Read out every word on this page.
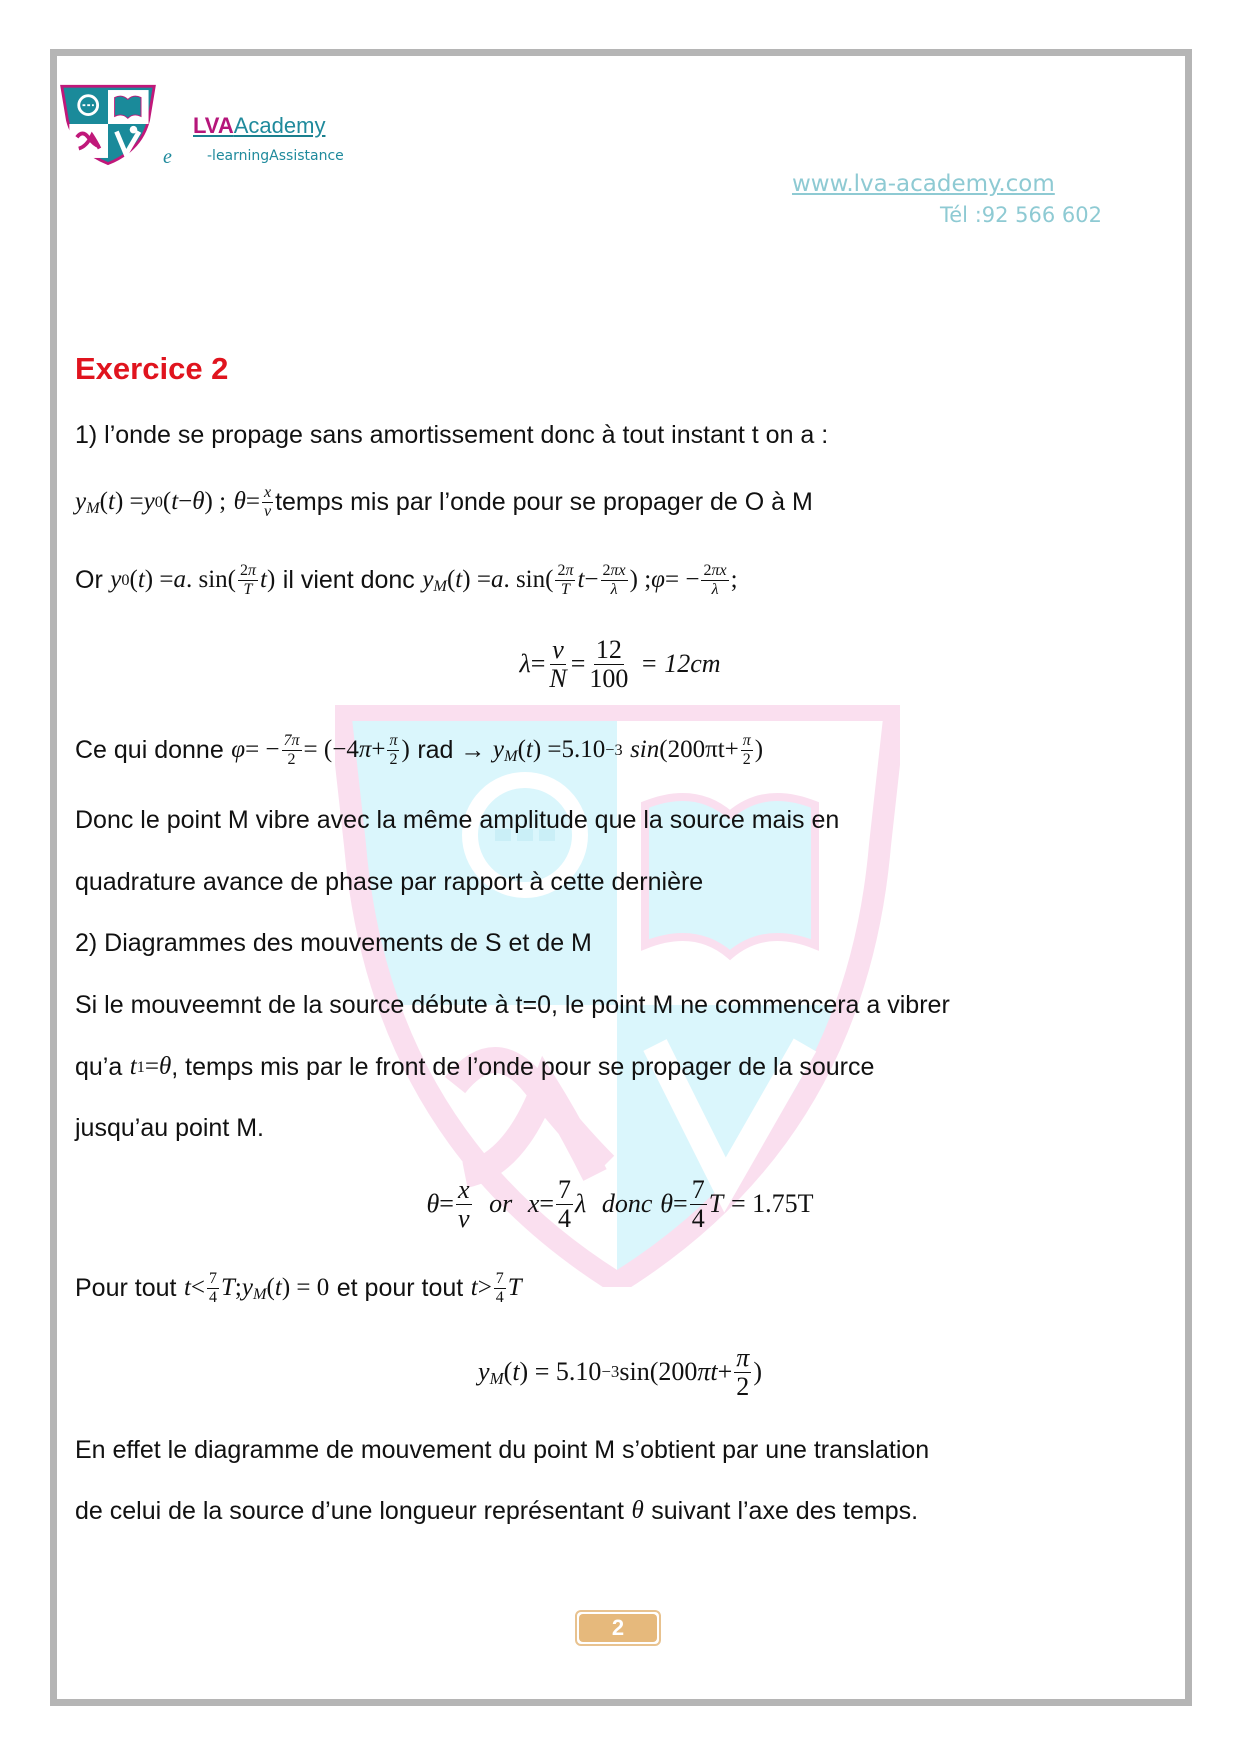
e
LVAAcademy
-learningAssistance
www.lva-academy.com
Tél :92 566 602
Exercice 2
1) l’onde se propage sans amortissement donc à tout instant t on a :
$y_M$ ( t ) = y 0 ( t − θ ) ; $\theta = \frac{x}{v}$ temps mis par l’onde pour se propager de O à M
Or y 0 ( t ) = a . $\sin( \frac{2\pi}{T}$ t ) il vient donc $y_M$ ( t ) = a . $\sin( \frac{2\pi}{T}$ $t - \frac{2\pi x}{\lambda}$ ) ; φ = − $\frac{2\pi x}{\lambda}$ ;
$\lambda = \frac{v}{N} = \frac{12}{100} = 12cm$
Ce qui donne φ = − $\frac{7\pi}{2} = (-4$ $\pi + \frac{\pi}{2}$ ) rad → $y_M$ ( t ) = 5.10 −3 sin ( $200\pi t + \frac{\pi}{2}$ )
Donc le point M vibre avec la même amplitude que la source mais en
quadrature avance de phase par rapport à cette dernière
2) Diagrammes des mouvements de S et de M
Si le mouveemnt de la source débute à t=0, le point M ne commencera a vibrer
qu’a t 1 = θ , temps mis par le front de l’onde pour se propager de la source
jusqu’au point M.
$\theta = \frac{x}{v}$ or $x = \frac{7}{4}$ λ donc $\theta = \frac{7}{4}$ T = 1.75T
Pour tout $t < \frac{7}{4}$ T ; $y_M$ ( t ) = 0 et pour tout $t > \frac{7}{4}$ T
$y_M$ ( t ) = 5.10 −3 sin(200 $\pi t + \frac{\pi}{2}$ )
En effet le diagramme de mouvement du point M s’obtient par une translation
de celui de la source d’une longueur représentant θ suivant l’axe des temps.
2
